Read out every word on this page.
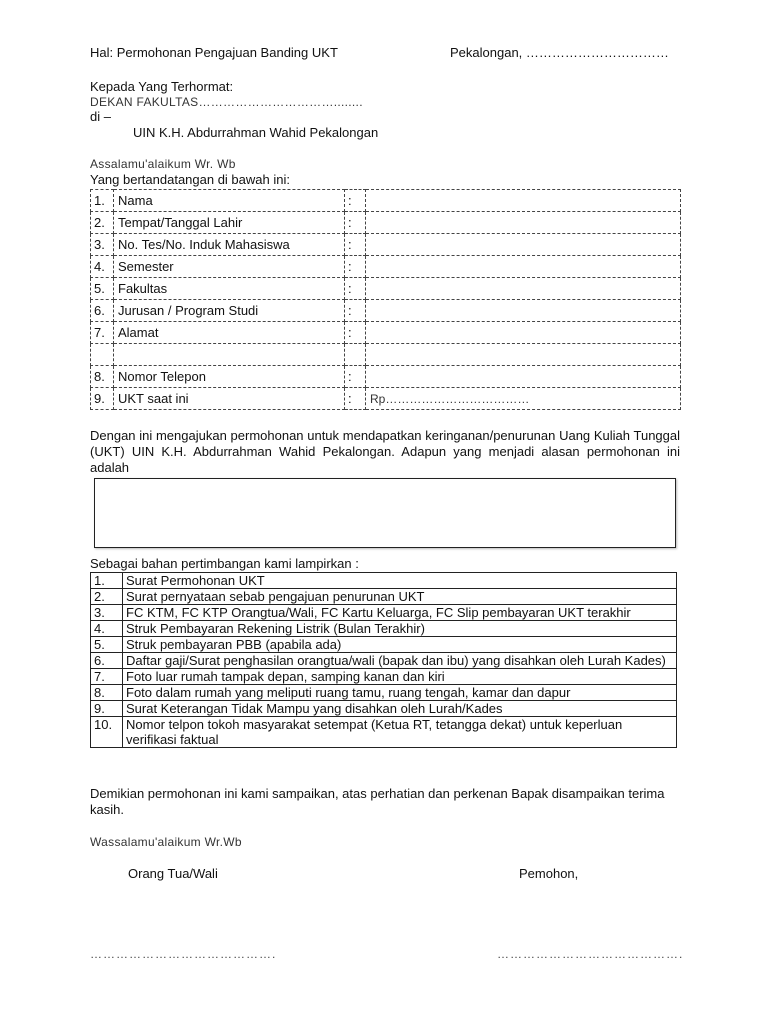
Hal: Permohonan Pengajuan Banding UKT	Pekalongan, ……………………………
Kepada Yang Terhormat:
DEKAN FAKULTAS……………………………........
di –
UIN K.H. Abdurrahman Wahid Pekalongan
Assalamu'alaikum Wr. Wb
Yang bertandatangan di bawah ini:
1.	Nama	:	
2.	Tempat/Tanggal Lahir	:	
3.	No. Tes/No. Induk Mahasiswa	:	
4.	Semester	:	
5.	Fakultas	:	
6.	Jurusan / Program Studi	:	
7.	Alamat	:	

8.	Nomor Telepon	:	
9.	UKT saat ini	:	Rp………………………………
Dengan ini mengajukan permohonan untuk mendapatkan keringanan/penurunan Uang Kuliah Tunggal (UKT) UIN K.H. Abdurrahman Wahid Pekalongan. Adapun yang menjadi alasan permohonan ini adalah
Sebagai bahan pertimbangan kami lampirkan :
1.	Surat Permohonan UKT
2.	Surat pernyataan sebab pengajuan penurunan UKT
3.	FC KTM, FC KTP Orangtua/Wali, FC Kartu Keluarga, FC Slip pembayaran UKT terakhir
4.	Struk Pembayaran Rekening Listrik (Bulan Terakhir)
5.	Struk pembayaran PBB (apabila ada)
6.	Daftar gaji/Surat penghasilan orangtua/wali (bapak dan ibu) yang disahkan oleh Lurah Kades)
7.	Foto luar rumah tampak depan, samping kanan dan kiri
8.	Foto dalam rumah yang meliputi ruang tamu, ruang tengah, kamar dan dapur
9.	Surat Keterangan Tidak Mampu yang disahkan oleh Lurah/Kades
10.	Nomor telpon tokoh masyarakat setempat (Ketua RT, tetangga dekat) untuk keperluan verifikasi faktual
Demikian permohonan ini kami sampaikan, atas perhatian dan perkenan Bapak disampaikan terima kasih.
Wassalamu'alaikum Wr.Wb
Orang Tua/Wali	Pemohon,
…………………………………….	…………………………………….
